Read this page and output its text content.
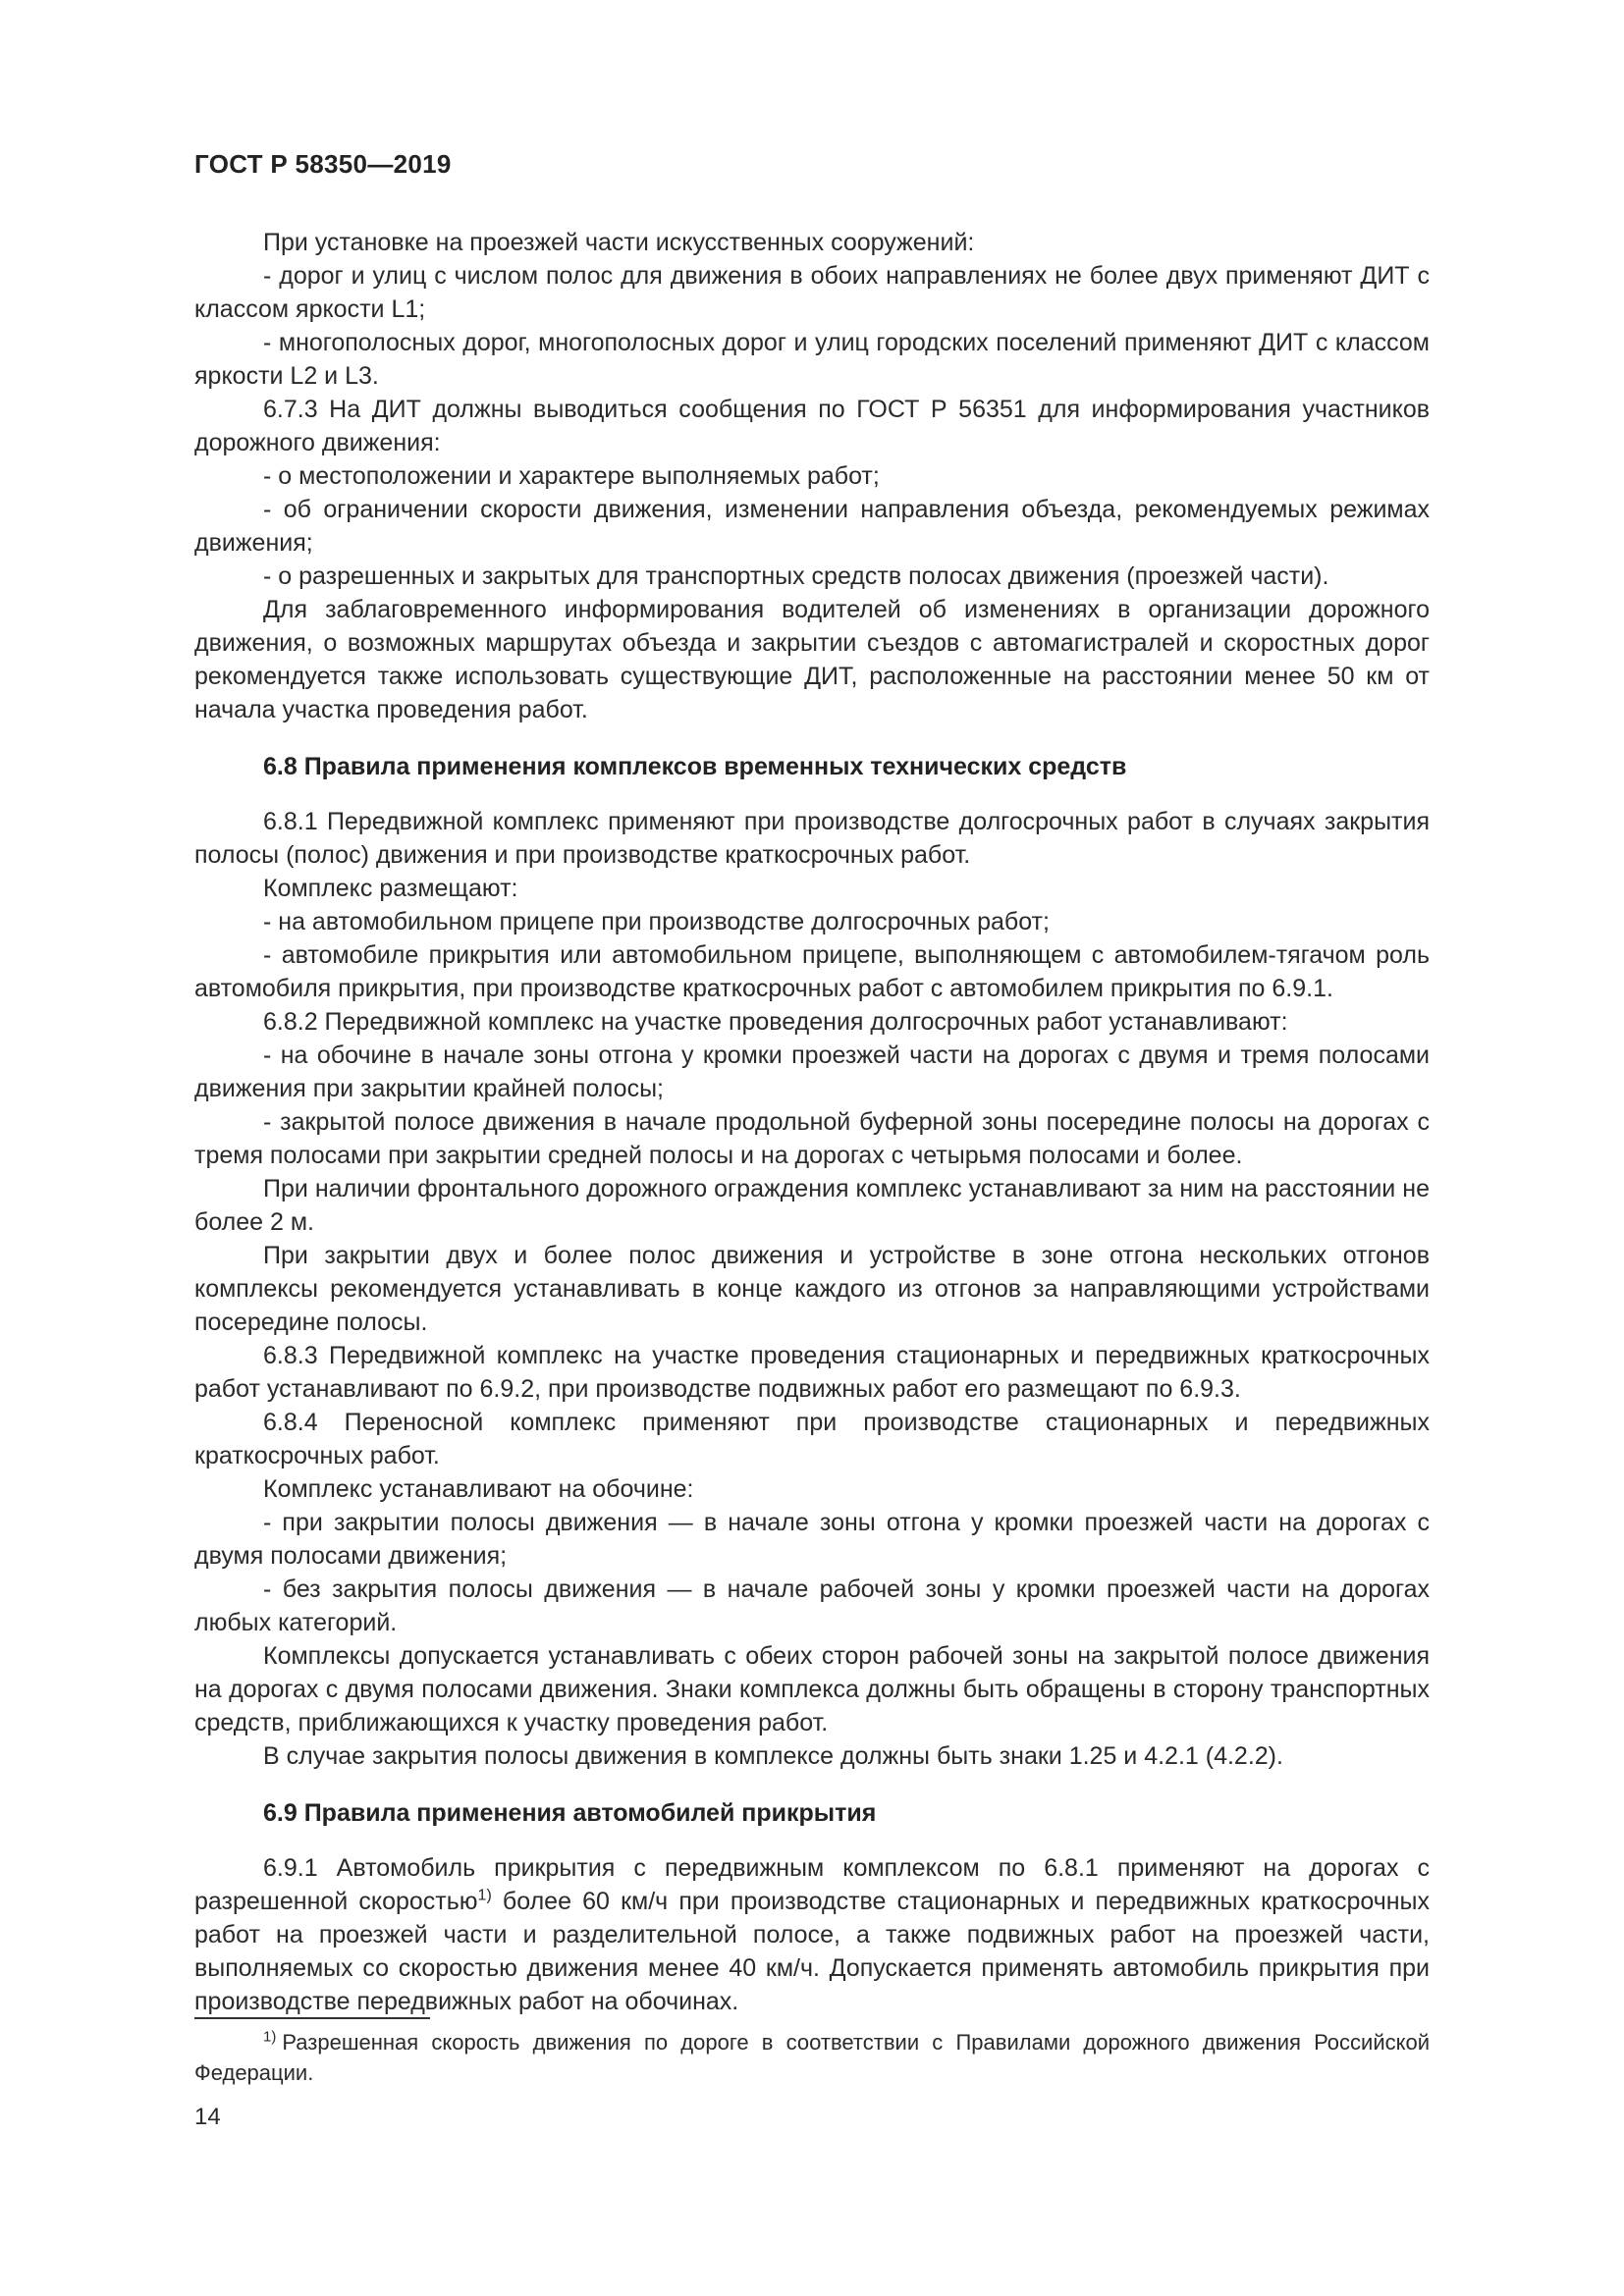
ГОСТ Р 58350—2019

При установке на проезжей части искусственных сооружений:

- дорог и улиц с числом полос для движения в обоих направлениях не более двух применяют ДИТ с классом яркости L1;

- многополосных дорог, многополосных дорог и улиц городских поселений применяют ДИТ с классом яркости L2 и L3.

6.7.3 На ДИТ должны выводиться сообщения по ГОСТ Р 56351 для информирования участников дорожного движения:

- о местоположении и характере выполняемых работ;

- об ограничении скорости движения, изменении направления объезда, рекомендуемых режимах движения;

- о разрешенных и закрытых для транспортных средств полосах движения (проезжей части).

Для заблаговременного информирования водителей об изменениях в организации дорожного движения, о возможных маршрутах объезда и закрытии съездов с автомагистралей и скоростных дорог рекомендуется также использовать существующие ДИТ, расположенные на расстоянии менее 50 км от начала участка проведения работ.

6.8 Правила применения комплексов временных технических средств

6.8.1 Передвижной комплекс применяют при производстве долгосрочных работ в случаях закрытия полосы (полос) движения и при производстве краткосрочных работ.

Комплекс размещают:

- на автомобильном прицепе при производстве долгосрочных работ;

- автомобиле прикрытия или автомобильном прицепе, выполняющем с автомобилем-тягачом роль автомобиля прикрытия, при производстве краткосрочных работ с автомобилем прикрытия по 6.9.1.

6.8.2 Передвижной комплекс на участке проведения долгосрочных работ устанавливают:

- на обочине в начале зоны отгона у кромки проезжей части на дорогах с двумя и тремя полосами движения при закрытии крайней полосы;

- закрытой полосе движения в начале продольной буферной зоны посередине полосы на дорогах с тремя полосами при закрытии средней полосы и на дорогах с четырьмя полосами и более.

При наличии фронтального дорожного ограждения комплекс устанавливают за ним на расстоянии не более 2 м.

При закрытии двух и более полос движения и устройстве в зоне отгона нескольких отгонов комплексы рекомендуется устанавливать в конце каждого из отгонов за направляющими устройствами посередине полосы.

6.8.3 Передвижной комплекс на участке проведения стационарных и передвижных краткосрочных работ устанавливают по 6.9.2, при производстве подвижных работ его размещают по 6.9.3.

6.8.4 Переносной комплекс применяют при производстве стационарных и передвижных краткосрочных работ.

Комплекс устанавливают на обочине:

- при закрытии полосы движения — в начале зоны отгона у кромки проезжей части на дорогах с двумя полосами движения;

- без закрытия полосы движения — в начале рабочей зоны у кромки проезжей части на дорогах любых категорий.

Комплексы допускается устанавливать с обеих сторон рабочей зоны на закрытой полосе движения на дорогах с двумя полосами движения. Знаки комплекса должны быть обращены в сторону транспортных средств, приближающихся к участку проведения работ.

В случае закрытия полосы движения в комплексе должны быть знаки 1.25 и 4.2.1 (4.2.2).

6.9 Правила применения автомобилей прикрытия

6.9.1 Автомобиль прикрытия с передвижным комплексом по 6.8.1 применяют на дорогах с разрешенной скоростью$^{1)}$ более 60 км/ч при производстве стационарных и передвижных краткосрочных работ на проезжей части и разделительной полосе, а также подвижных работ на проезжей части, выполняемых со скоростью движения менее 40 км/ч. Допускается применять автомобиль прикрытия при производстве передвижных работ на обочинах.

$^{1)}$ Разрешенная скорость движения по дороге в соответствии с Правилами дорожного движения Российской Федерации.
14
